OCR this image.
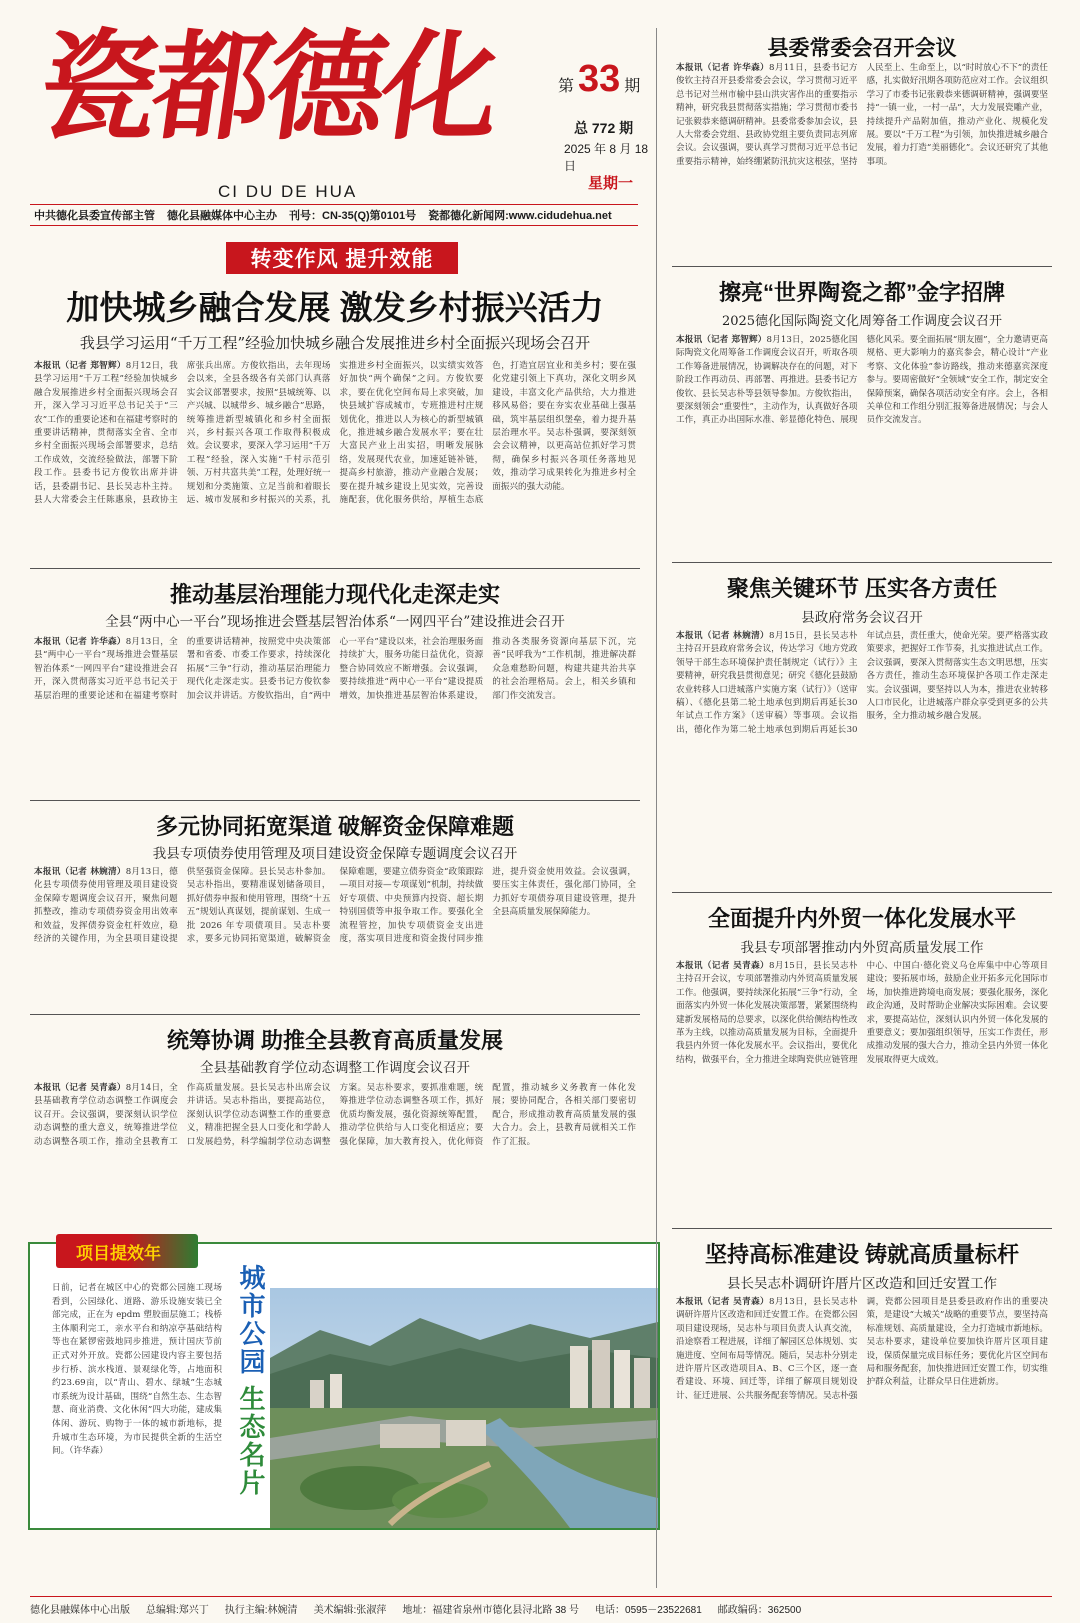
瓷都德化
CI DU DE HUA
第 33 期
总 772 期
2025 年 8 月 18 日
星期一
中共德化县委宣传部主管 德化县融媒体中心主办 刊号：CN-35(Q)第0101号 瓷都德化新闻网:www.cidudehua.net
转变作风 提升效能
加快城乡融合发展 激发乡村振兴活力
我县学习运用“千万工程”经验加快城乡融合发展推进乡村全面振兴现场会召开
本报讯（记者 郑智辉）8月12日，我县学习运用“千万工程”经验加快城乡融合发展推进乡村全面振兴现场会召开，深入学习习近平总书记关于“三农”工作的重要论述和在福建考察时的重要讲话精神，贯彻落实全省、全市乡村全面振兴现场会部署要求，总结工作成效，交流经验做法，部署下阶段工作。县委书记方俊钦出席并讲话，县委副书记、县长吴志朴主持。县人大常委会主任陈惠泉，县政协主席张兵出席。方俊钦指出，去年现场会以来，全县各级各有关部门认真落实会议部署要求，按照“县城统筹、以产兴城、以城带乡、城乡融合”思路，统筹推进新型城镇化和乡村全面振兴，乡村振兴各项工作取得积极成效。会议要求，要深入学习运用“千万工程”经验，深入实施“千村示范引领、万村共富共美”工程，处理好统一规划和分类施策、立足当前和着眼长远、城市发展和乡村振兴的关系，扎实推进乡村全面振兴，以实绩实效答好加快“两个确保”之问。方俊钦要求，要在优化空间布局上求突破，加快县域扩容成城市，专班推进村庄规划优化，推进以人为核心的新型城镇化，推进城乡融合发展水平；要在壮大富民产业上出实招，明晰发展脉络，发展现代农业，加速延链补链，提高乡村旅游，推动产业融合发展；要在提升城乡建设上见实效，完善设施配套，优化服务供给，厚植生态底色，打造宜居宜业和美乡村；要在强化党建引领上下真功，深化文明乡风建设，丰富文化产品供给，大力推进移风易俗；要在夯实农业基础上强基础，筑牢基层组织堡垒，着力提升基层治理水平。吴志朴强调，要深刻领会会议精神，以更高站位抓好学习贯彻，确保乡村振兴各项任务落地见效，推动学习成果转化为推进乡村全面振兴的强大动能。
推动基层治理能力现代化走深走实
全县“两中心一平台”现场推进会暨基层智治体系“一网四平台”建设推进会召开
本报讯（记者 许华森）8月13日，全县“两中心一平台”现场推进会暨基层智治体系“一网四平台”建设推进会召开，深入贯彻落实习近平总书记关于基层治理的重要论述和在福建考察时的重要讲话精神，按照党中央决策部署和省委、市委工作要求，持续深化拓展“三争”行动，推动基层治理能力现代化走深走实。县委书记方俊钦参加会议并讲话。方俊钦指出，自“两中心一平台”建设以来，社会治理服务面持续扩大，服务功能日益优化，资源整合协同效应不断增强。会议强调，要持续推进“两中心一平台”建设提质增效，加快推进基层智治体系建设，推动各类服务资源向基层下沉，完善“民呼我为”工作机制，推进解决群众急难愁盼问题，构建共建共治共享的社会治理格局。会上，相关乡镇和部门作交流发言。
多元协同拓宽渠道 破解资金保障难题
我县专项债券使用管理及项目建设资金保障专题调度会议召开
本报讯（记者 林婉清）8月13日，德化县专项债券使用管理及项目建设资金保障专题调度会议召开，聚焦问题抓整改，推动专项债券资金用出效率和效益，发挥债券资金杠杆效应，稳经济的关键作用，为全县项目建设提供坚强资金保障。县长吴志朴参加。吴志朴指出，要精准谋划储备项目，抓好债券申报和使用管理，围绕“十五五”规划认真谋划，提前谋划、生成一批 2026 年专项债项目。吴志朴要求，要多元协同拓宽渠道，破解资金保障难题，要建立债券资金“政策跟踪—项目对接—专项谋划”机制，持续做好专项债、中央预算内投资、超长期特别国债等申报争取工作。要强化全流程管控，加快专项债资金支出进度，落实项目进度和资金拨付同步推进，提升资金使用效益。会议强调，要压实主体责任，强化部门协同，全力抓好专项债券项目建设管理，提升全县高质量发展保障能力。
统筹协调 助推全县教育高质量发展
全县基础教育学位动态调整工作调度会议召开
本报讯（记者 吴青森）8月14日，全县基础教育学位动态调整工作调度会议召开。会议强调，要深刻认识学位动态调整的重大意义，统筹推进学位动态调整各项工作，推动全县教育工作高质量发展。县长吴志朴出席会议并讲话。吴志朴指出，要提高站位，深刻认识学位动态调整工作的重要意义，精准把握全县人口变化和学龄人口发展趋势，科学编制学位动态调整方案。吴志朴要求，要抓准难题，统筹推进学位动态调整各项工作，抓好优质均衡发展，强化资源统筹配置，推动学位供给与人口变化相适应；要强化保障，加大教育投入，优化师资配置，推动城乡义务教育一体化发展；要协同配合，各相关部门要密切配合，形成推动教育高质量发展的强大合力。会上，县教育局就相关工作作了汇报。
项目提效年
日前，记者在城区中心的瓷都公园施工现场看到，公园绿化、道路、游乐设施安装已全部完成，正在为 epdm 塑胶面层施工；栈桥主体顺利完工，亲水平台和纳凉亭基础结构等也在紧锣密鼓地同步推进，预计国庆节前正式对外开放。瓷都公园建设内容主要包括步行桥、滨水栈道、景观绿化等，占地面积约23.69亩，以“青山、碧水、绿城”生态城市系统为设计基础，围绕“自然生态、生态智慧、商业消费、文化休闲”四大功能，建成集体闲、游玩、购物于一体的城市新地标，提升城市生态环境，为市民提供全新的生活空间。（许华森）
城市公园 生态名片
县委常委会召开会议
本报讯（记者 许华森）8月11日，县委书记方俊钦主持召开县委常委会会议，学习贯彻习近平总书记对兰州市榆中县山洪灾害作出的重要指示精神，研究我县贯彻落实措施；学习贯彻市委书记张毅恭来德调研精神。县委常委参加会议，县人大常委会党组、县政协党组主要负责同志列席会议。会议强调，要认真学习贯彻习近平总书记重要指示精神，始终绷紧防汛抗灾这根弦，坚持人民至上、生命至上，以“时时放心不下”的责任感，扎实做好汛期各项防范应对工作。会议组织学习了市委书记张毅恭来德调研精神，强调要坚持“一镇一业，一村一品”，大力发展瓷雕产业，持续提升产品附加值，推动产业化、规模化发展。要以“千万工程”为引领，加快推进城乡融合发展，着力打造“美丽德化”。会议还研究了其他事项。
擦亮“世界陶瓷之都”金字招牌
2025德化国际陶瓷文化周筹备工作调度会议召开
本报讯（记者 郑智辉）8月13日，2025德化国际陶瓷文化周筹备工作调度会议召开，听取各项工作筹备进展情况，协调解决存在的问题，对下阶段工作再动员、再部署、再推进。县委书记方俊钦、县长吴志朴等县领导参加。方俊钦指出，要深刻领会“重要性”，主动作为，认真做好各项工作，真正办出国际水准、彰显德化特色、展现德化风采。要全面拓展“朋友圈”，全力邀请更高规格、更大影响力的嘉宾参会，精心设计“产业考察、文化体验”参访路线，推动来德嘉宾深度参与。要周密做好“全领域”安全工作，制定安全保障预案，确保各项活动安全有序。会上，各相关单位和工作组分别汇报筹备进展情况；与会人员作交流发言。
聚焦关键环节 压实各方责任
县政府常务会议召开
本报讯（记者 林婉清）8月15日，县长吴志朴主持召开县政府常务会议，传达学习《地方党政领导干部生态环境保护责任制规定（试行）》主要精神，研究我县贯彻意见；研究《德化县鼓励农业转移人口进城落户实施方案（试行）》（送审稿）、《德化县第二轮土地承包到期后再延长30年试点工作方案》（送审稿）等事项。会议指出，德化作为第二轮土地承包到期后再延长30年试点县，责任重大，使命光荣。要严格落实政策要求，把握好工作节奏，扎实推进试点工作。会议强调，要深入贯彻落实生态文明思想，压实各方责任，推动生态环境保护各项工作走深走实。会议强调，要坚持以人为本，推进农业转移人口市民化，让进城落户群众享受到更多的公共服务，全力推动城乡融合发展。
全面提升内外贸一体化发展水平
我县专项部署推动内外贸高质量发展工作
本报讯（记者 吴青森）8月15日，县长吴志朴主持召开会议，专项部署推动内外贸高质量发展工作。他强调，要持续深化拓展“三争”行动，全面落实内外贸一体化发展决策部署，紧紧围绕构建新发展格局的总要求，以深化供给侧结构性改革为主线，以推动高质量发展为目标，全面提升我县内外贸一体化发展水平。会议指出，要优化结构，做强平台，全力推进全球陶瓷供应链管理中心、中国白·德化瓷义乌仓库集中中心等项目建设；要拓展市场，鼓励企业开拓多元化国际市场，加快推进跨境电商发展；要强化服务，深化政企沟通，及时帮助企业解决实际困难。会议要求，要提高站位，深刻认识内外贸一体化发展的重要意义；要加强组织领导，压实工作责任，形成推动发展的强大合力，推动全县内外贸一体化发展取得更大成效。
坚持高标准建设 铸就高质量标杆
县长吴志朴调研许厝片区改造和回迁安置工作
本报讯（记者 吴青森）8月13日，县长吴志朴调研许厝片区改造和回迁安置工作。在瓷都公园项目建设现场，吴志朴与项目负责人认真交流，沿途察看工程进展，详细了解园区总体规划、实施进度、空间布局等情况。随后，吴志朴分别走进许厝片区改造项目A、B、C三个区，逐一查看建设、环境、回迁等，详细了解项目规划设计、征迁进展、公共服务配套等情况。吴志朴强调，瓷都公园项目是县委县政府作出的重要决策，是建设“大城关”战略的重要节点，要坚持高标准规划、高质量建设，全力打造城市新地标。吴志朴要求，建设单位要加快许厝片区项目建设，保质保量完成目标任务；要优化片区空间布局和服务配套，加快推进回迁安置工作，切实维护群众利益，让群众早日住进新房。
德化县融媒体中心出版 总编辑:郑兴丁 执行主编:林婉清 美术编辑:张淑萍 地址：福建省泉州市德化县浔北路 38 号 电话：0595－23522681 邮政编码：362500
